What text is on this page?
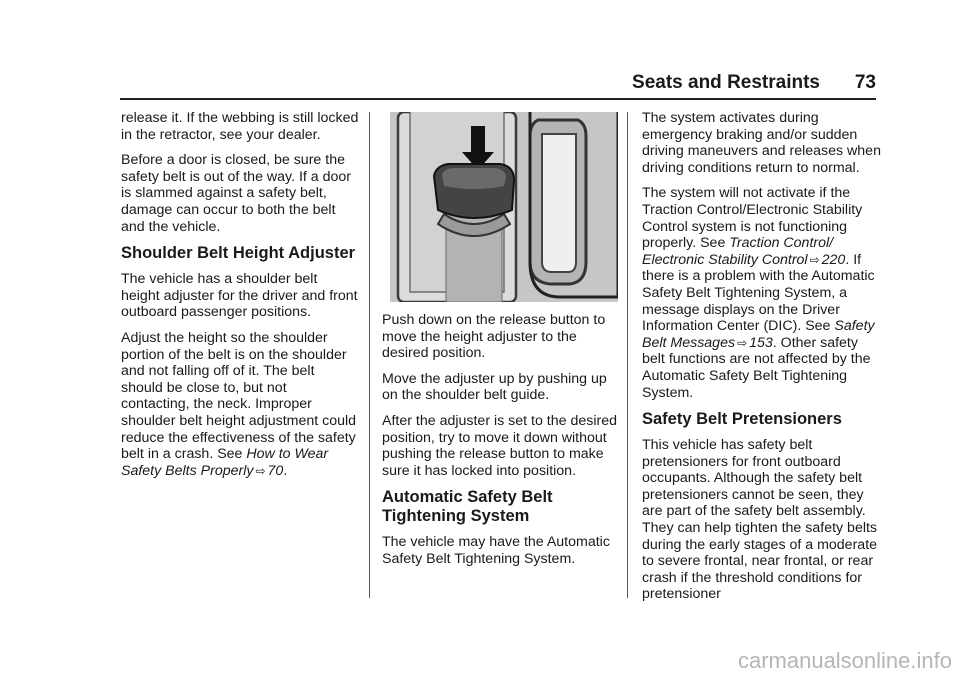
Seats and Restraints 73

release it. If the webbing is still locked in the retractor, see your dealer.

Before a door is closed, be sure the safety belt is out of the way. If a door is slammed against a safety belt, damage can occur to both the belt and the vehicle.

Shoulder Belt Height Adjuster

The vehicle has a shoulder belt height adjuster for the driver and front outboard passenger positions.

Adjust the height so the shoulder portion of the belt is on the shoulder and not falling off of it. The belt should be close to, but not contacting, the neck. Improper shoulder belt height adjustment could reduce the effectiveness of the safety belt in a crash. See How to Wear Safety Belts Properly ⇨ 70.

Push down on the release button to move the height adjuster to the desired position.

Move the adjuster up by pushing up on the shoulder belt guide.

After the adjuster is set to the desired position, try to move it down without pushing the release button to make sure it has locked into position.

Automatic Safety Belt Tightening System

The vehicle may have the Automatic Safety Belt Tightening System.

The system activates during emergency braking and/or sudden driving maneuvers and releases when driving conditions return to normal.

The system will not activate if the Traction Control/Electronic Stability Control system is not functioning properly. See Traction Control/ Electronic Stability Control ⇨ 220. If there is a problem with the Automatic Safety Belt Tightening System, a message displays on the Driver Information Center (DIC). See Safety Belt Messages ⇨ 153. Other safety belt functions are not affected by the Automatic Safety Belt Tightening System.

Safety Belt Pretensioners

This vehicle has safety belt pretensioners for front outboard occupants. Although the safety belt pretensioners cannot be seen, they are part of the safety belt assembly. They can help tighten the safety belts during the early stages of a moderate to severe frontal, near frontal, or rear crash if the threshold conditions for pretensioner

carmanualsonline.info
